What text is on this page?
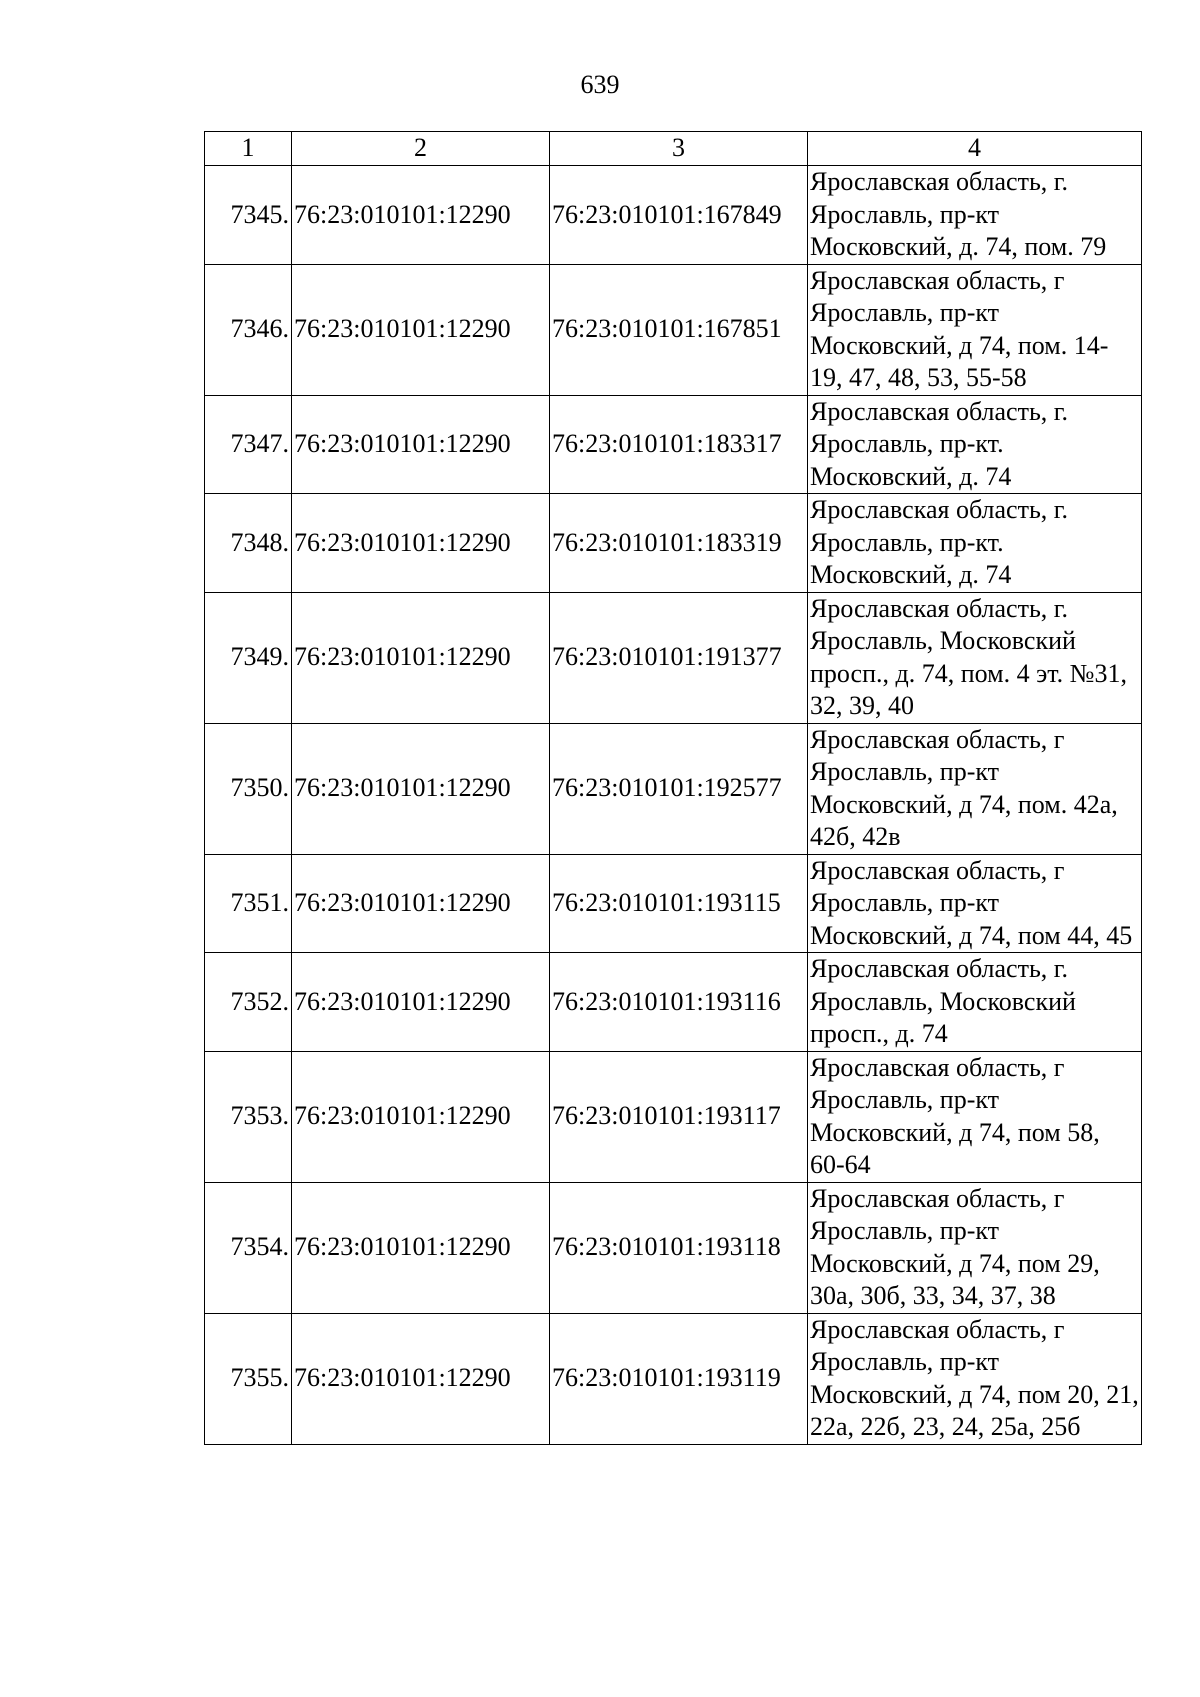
639
1	2	3	4
7345.	76:23:010101:12290	76:23:010101:167849	Ярославская область, г. Ярославль, пр-кт Московский, д. 74, пом. 79
7346.	76:23:010101:12290	76:23:010101:167851	Ярославская область, г Ярославль, пр-кт Московский, д 74, пом. 14-19, 47, 48, 53, 55-58
7347.	76:23:010101:12290	76:23:010101:183317	Ярославская область, г. Ярославль, пр-кт. Московский, д. 74
7348.	76:23:010101:12290	76:23:010101:183319	Ярославская область, г. Ярославль, пр-кт. Московский, д. 74
7349.	76:23:010101:12290	76:23:010101:191377	Ярославская область, г. Ярославль, Московский просп., д. 74, пом. 4 эт. №31, 32, 39, 40
7350.	76:23:010101:12290	76:23:010101:192577	Ярославская область, г Ярославль, пр-кт Московский, д 74, пом. 42а, 42б, 42в
7351.	76:23:010101:12290	76:23:010101:193115	Ярославская область, г Ярославль, пр-кт Московский, д 74, пом 44, 45
7352.	76:23:010101:12290	76:23:010101:193116	Ярославская область, г. Ярославль, Московский просп., д. 74
7353.	76:23:010101:12290	76:23:010101:193117	Ярославская область, г Ярославль, пр-кт Московский, д 74, пом 58, 60-64
7354.	76:23:010101:12290	76:23:010101:193118	Ярославская область, г Ярославль, пр-кт Московский, д 74, пом 29, 30а, 30б, 33, 34, 37, 38
7355.	76:23:010101:12290	76:23:010101:193119	Ярославская область, г Ярославль, пр-кт Московский, д 74, пом 20, 21, 22а, 22б, 23, 24, 25а, 25б
